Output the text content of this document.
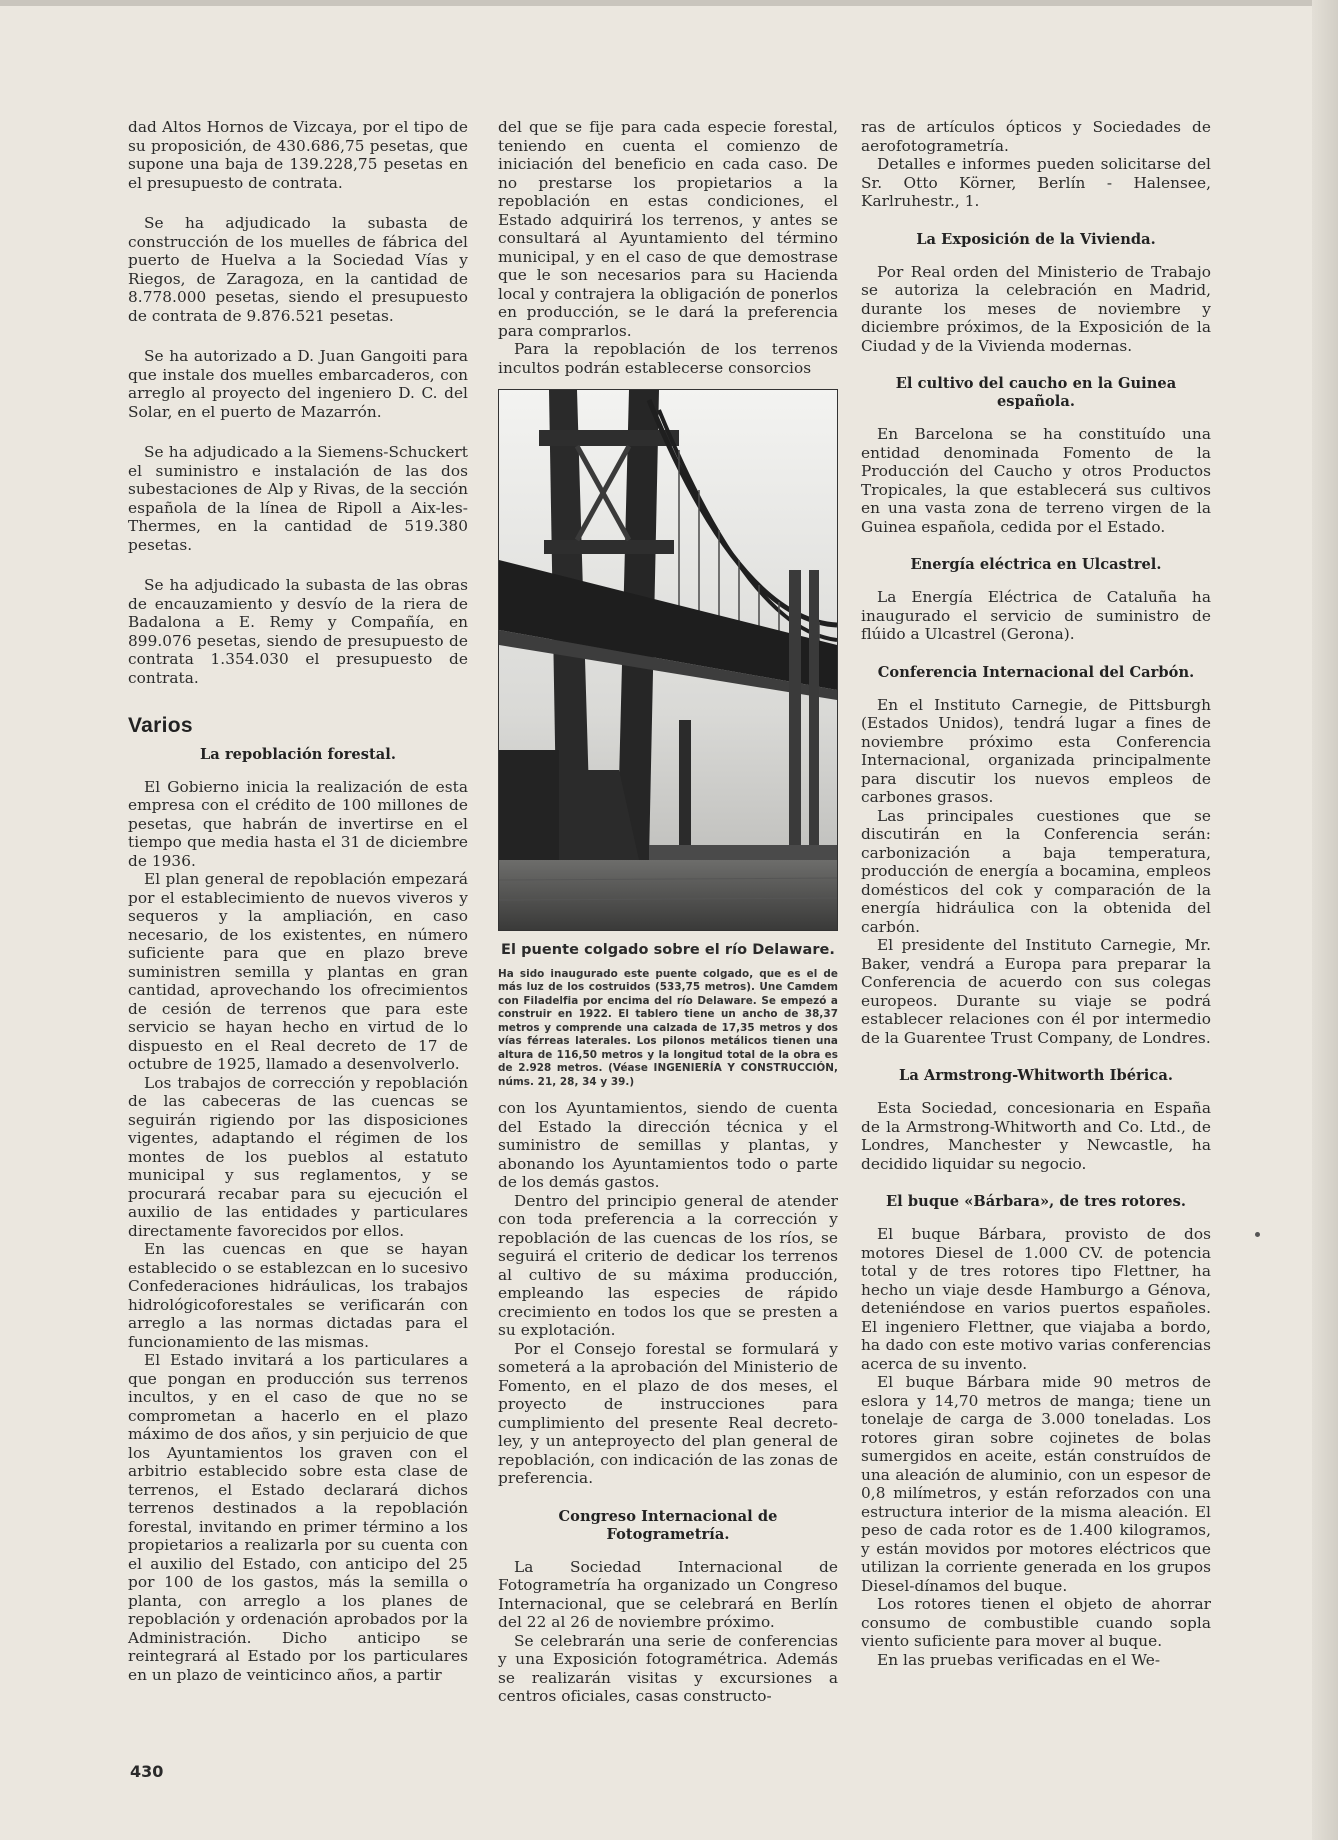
dad Altos Hornos de Vizcaya, por el tipo de su proposición, de 430.686,75 pesetas, que supone una baja de 139.228,75 pesetas en el presupuesto de contrata.

Se ha adjudicado la subasta de construcción de los muelles de fábrica del puerto de Huelva a la Sociedad Vías y Riegos, de Zaragoza, en la cantidad de 8.778.000 pesetas, siendo el presupuesto de contrata de 9.876.521 pesetas.

Se ha autorizado a D. Juan Gangoiti para que instale dos muelles embarcaderos, con arreglo al proyecto del ingeniero D. C. del Solar, en el puerto de Mazarrón.

Se ha adjudicado a la Siemens-Schuckert el suministro e instalación de las dos subestaciones de Alp y Rivas, de la sección española de la línea de Ripoll a Aix-les-Thermes, en la cantidad de 519.380 pesetas.

Se ha adjudicado la subasta de las obras de encauzamiento y desvío de la riera de Badalona a E. Remy y Compañía, en 899.076 pesetas, siendo de presupuesto de contrata 1.354.030 el presupuesto de contrata.

Varios
La repoblación forestal.

El Gobierno inicia la realización de esta empresa con el crédito de 100 millones de pesetas, que habrán de invertirse en el tiempo que media hasta el 31 de diciembre de 1936.

El plan general de repoblación empezará por el establecimiento de nuevos viveros y sequeros y la ampliación, en caso necesario, de los existentes, en número suficiente para que en plazo breve suministren semilla y plantas en gran cantidad, aprovechando los ofrecimientos de cesión de terrenos que para este servicio se hayan hecho en virtud de lo dispuesto en el Real decreto de 17 de octubre de 1925, llamado a desenvolverlo.

Los trabajos de corrección y repoblación de las cabeceras de las cuencas se seguirán rigiendo por las disposiciones vigentes, adaptando el régimen de los montes de los pueblos al estatuto municipal y sus reglamentos, y se procurará recabar para su ejecución el auxilio de las entidades y particulares directamente favorecidos por ellos.

En las cuencas en que se hayan establecido o se establezcan en lo sucesivo Confederaciones hidráulicas, los trabajos hidrológicoforestales se verificarán con arreglo a las normas dictadas para el funcionamiento de las mismas.

El Estado invitará a los particulares a que pongan en producción sus terrenos incultos, y en el caso de que no se comprometan a hacerlo en el plazo máximo de dos años, y sin perjuicio de que los Ayuntamientos los graven con el arbitrio establecido sobre esta clase de terrenos, el Estado declarará dichos terrenos destinados a la repoblación forestal, invitando en primer término a los propietarios a realizarla por su cuenta con el auxilio del Estado, con anticipo del 25 por 100 de los gastos, más la semilla o planta, con arreglo a los planes de repoblación y ordenación aprobados por la Administración. Dicho anticipo se reintegrará al Estado por los particulares en un plazo de veinticinco años, a partir

del que se fije para cada especie forestal, teniendo en cuenta el comienzo de iniciación del beneficio en cada caso. De no prestarse los propietarios a la repoblación en estas condiciones, el Estado adquirirá los terrenos, y antes se consultará al Ayuntamiento del término municipal, y en el caso de que demostrase que le son necesarios para su Hacienda local y contrajera la obligación de ponerlos en producción, se le dará la preferencia para comprarlos.

Para la repoblación de los terrenos incultos podrán establecerse consorcios

El puente colgado sobre el río Delaware.
Ha sido inaugurado este puente colgado, que es el de más luz de los costruidos (533,75 metros). Une Camdem con Filadelfia por encima del río Delaware. Se empezó a construir en 1922. El tablero tiene un ancho de 38,37 metros y comprende una calzada de 17,35 metros y dos vías férreas laterales. Los pilonos metálicos tienen una altura de 116,50 metros y la longitud total de la obra es de 2.928 metros. (Véase INGENIERÍA Y CONSTRUCCIÓN, núms. 21, 28, 34 y 39.)

con los Ayuntamientos, siendo de cuenta del Estado la dirección técnica y el suministro de semillas y plantas, y abonando los Ayuntamientos todo o parte de los demás gastos.

Dentro del principio general de atender con toda preferencia a la corrección y repoblación de las cuencas de los ríos, se seguirá el criterio de dedicar los terrenos al cultivo de su máxima producción, empleando las especies de rápido crecimiento en todos los que se presten a su explotación.

Por el Consejo forestal se formulará y someterá a la aprobación del Ministerio de Fomento, en el plazo de dos meses, el proyecto de instrucciones para cumplimiento del presente Real decreto-ley, y un anteproyecto del plan general de repoblación, con indicación de las zonas de preferencia.

Congreso Internacional de Fotogrametría.

La Sociedad Internacional de Fotogrametría ha organizado un Congreso Internacional, que se celebrará en Berlín del 22 al 26 de noviembre próximo.

Se celebrarán una serie de conferencias y una Exposición fotogramétrica. Además se realizarán visitas y excursiones a centros oficiales, casas constructo-

ras de artículos ópticos y Sociedades de aerofotogrametría.

Detalles e informes pueden solicitarse del Sr. Otto Körner, Berlín - Halensee, Karlruhestr., 1.

La Exposición de la Vivienda.

Por Real orden del Ministerio de Trabajo se autoriza la celebración en Madrid, durante los meses de noviembre y diciembre próximos, de la Exposición de la Ciudad y de la Vivienda modernas.

El cultivo del caucho en la Guinea española.

En Barcelona se ha constituído una entidad denominada Fomento de la Producción del Caucho y otros Productos Tropicales, la que establecerá sus cultivos en una vasta zona de terreno virgen de la Guinea española, cedida por el Estado.

Energía eléctrica en Ulcastrel.

La Energía Eléctrica de Cataluña ha inaugurado el servicio de suministro de flúido a Ulcastrel (Gerona).

Conferencia Internacional del Carbón.

En el Instituto Carnegie, de Pittsburgh (Estados Unidos), tendrá lugar a fines de noviembre próximo esta Conferencia Internacional, organizada principalmente para discutir los nuevos empleos de carbones grasos.

Las principales cuestiones que se discutirán en la Conferencia serán: carbonización a baja temperatura, producción de energía a bocamina, empleos domésticos del cok y comparación de la energía hidráulica con la obtenida del carbón.

El presidente del Instituto Carnegie, Mr. Baker, vendrá a Europa para preparar la Conferencia de acuerdo con sus colegas europeos. Durante su viaje se podrá establecer relaciones con él por intermedio de la Guarentee Trust Company, de Londres.

La Armstrong-Whitworth Ibérica.

Esta Sociedad, concesionaria en España de la Armstrong-Whitworth and Co. Ltd., de Londres, Manchester y Newcastle, ha decidido liquidar su negocio.

El buque «Bárbara», de tres rotores.

El buque Bárbara, provisto de dos motores Diesel de 1.000 CV. de potencia total y de tres rotores tipo Flettner, ha hecho un viaje desde Hamburgo a Génova, deteniéndose en varios puertos españoles. El ingeniero Flettner, que viajaba a bordo, ha dado con este motivo varias conferencias acerca de su invento.

El buque Bárbara mide 90 metros de eslora y 14,70 metros de manga; tiene un tonelaje de carga de 3.000 toneladas. Los rotores giran sobre cojinetes de bolas sumergidos en aceite, están construídos de una aleación de aluminio, con un espesor de 0,8 milímetros, y están reforzados con una estructura interior de la misma aleación. El peso de cada rotor es de 1.400 kilogramos, y están movidos por motores eléctricos que utilizan la corriente generada en los grupos Diesel-dínamos del buque.

Los rotores tienen el objeto de ahorrar consumo de combustible cuando sopla viento suficiente para mover al buque.

En las pruebas verificadas en el We-

430
